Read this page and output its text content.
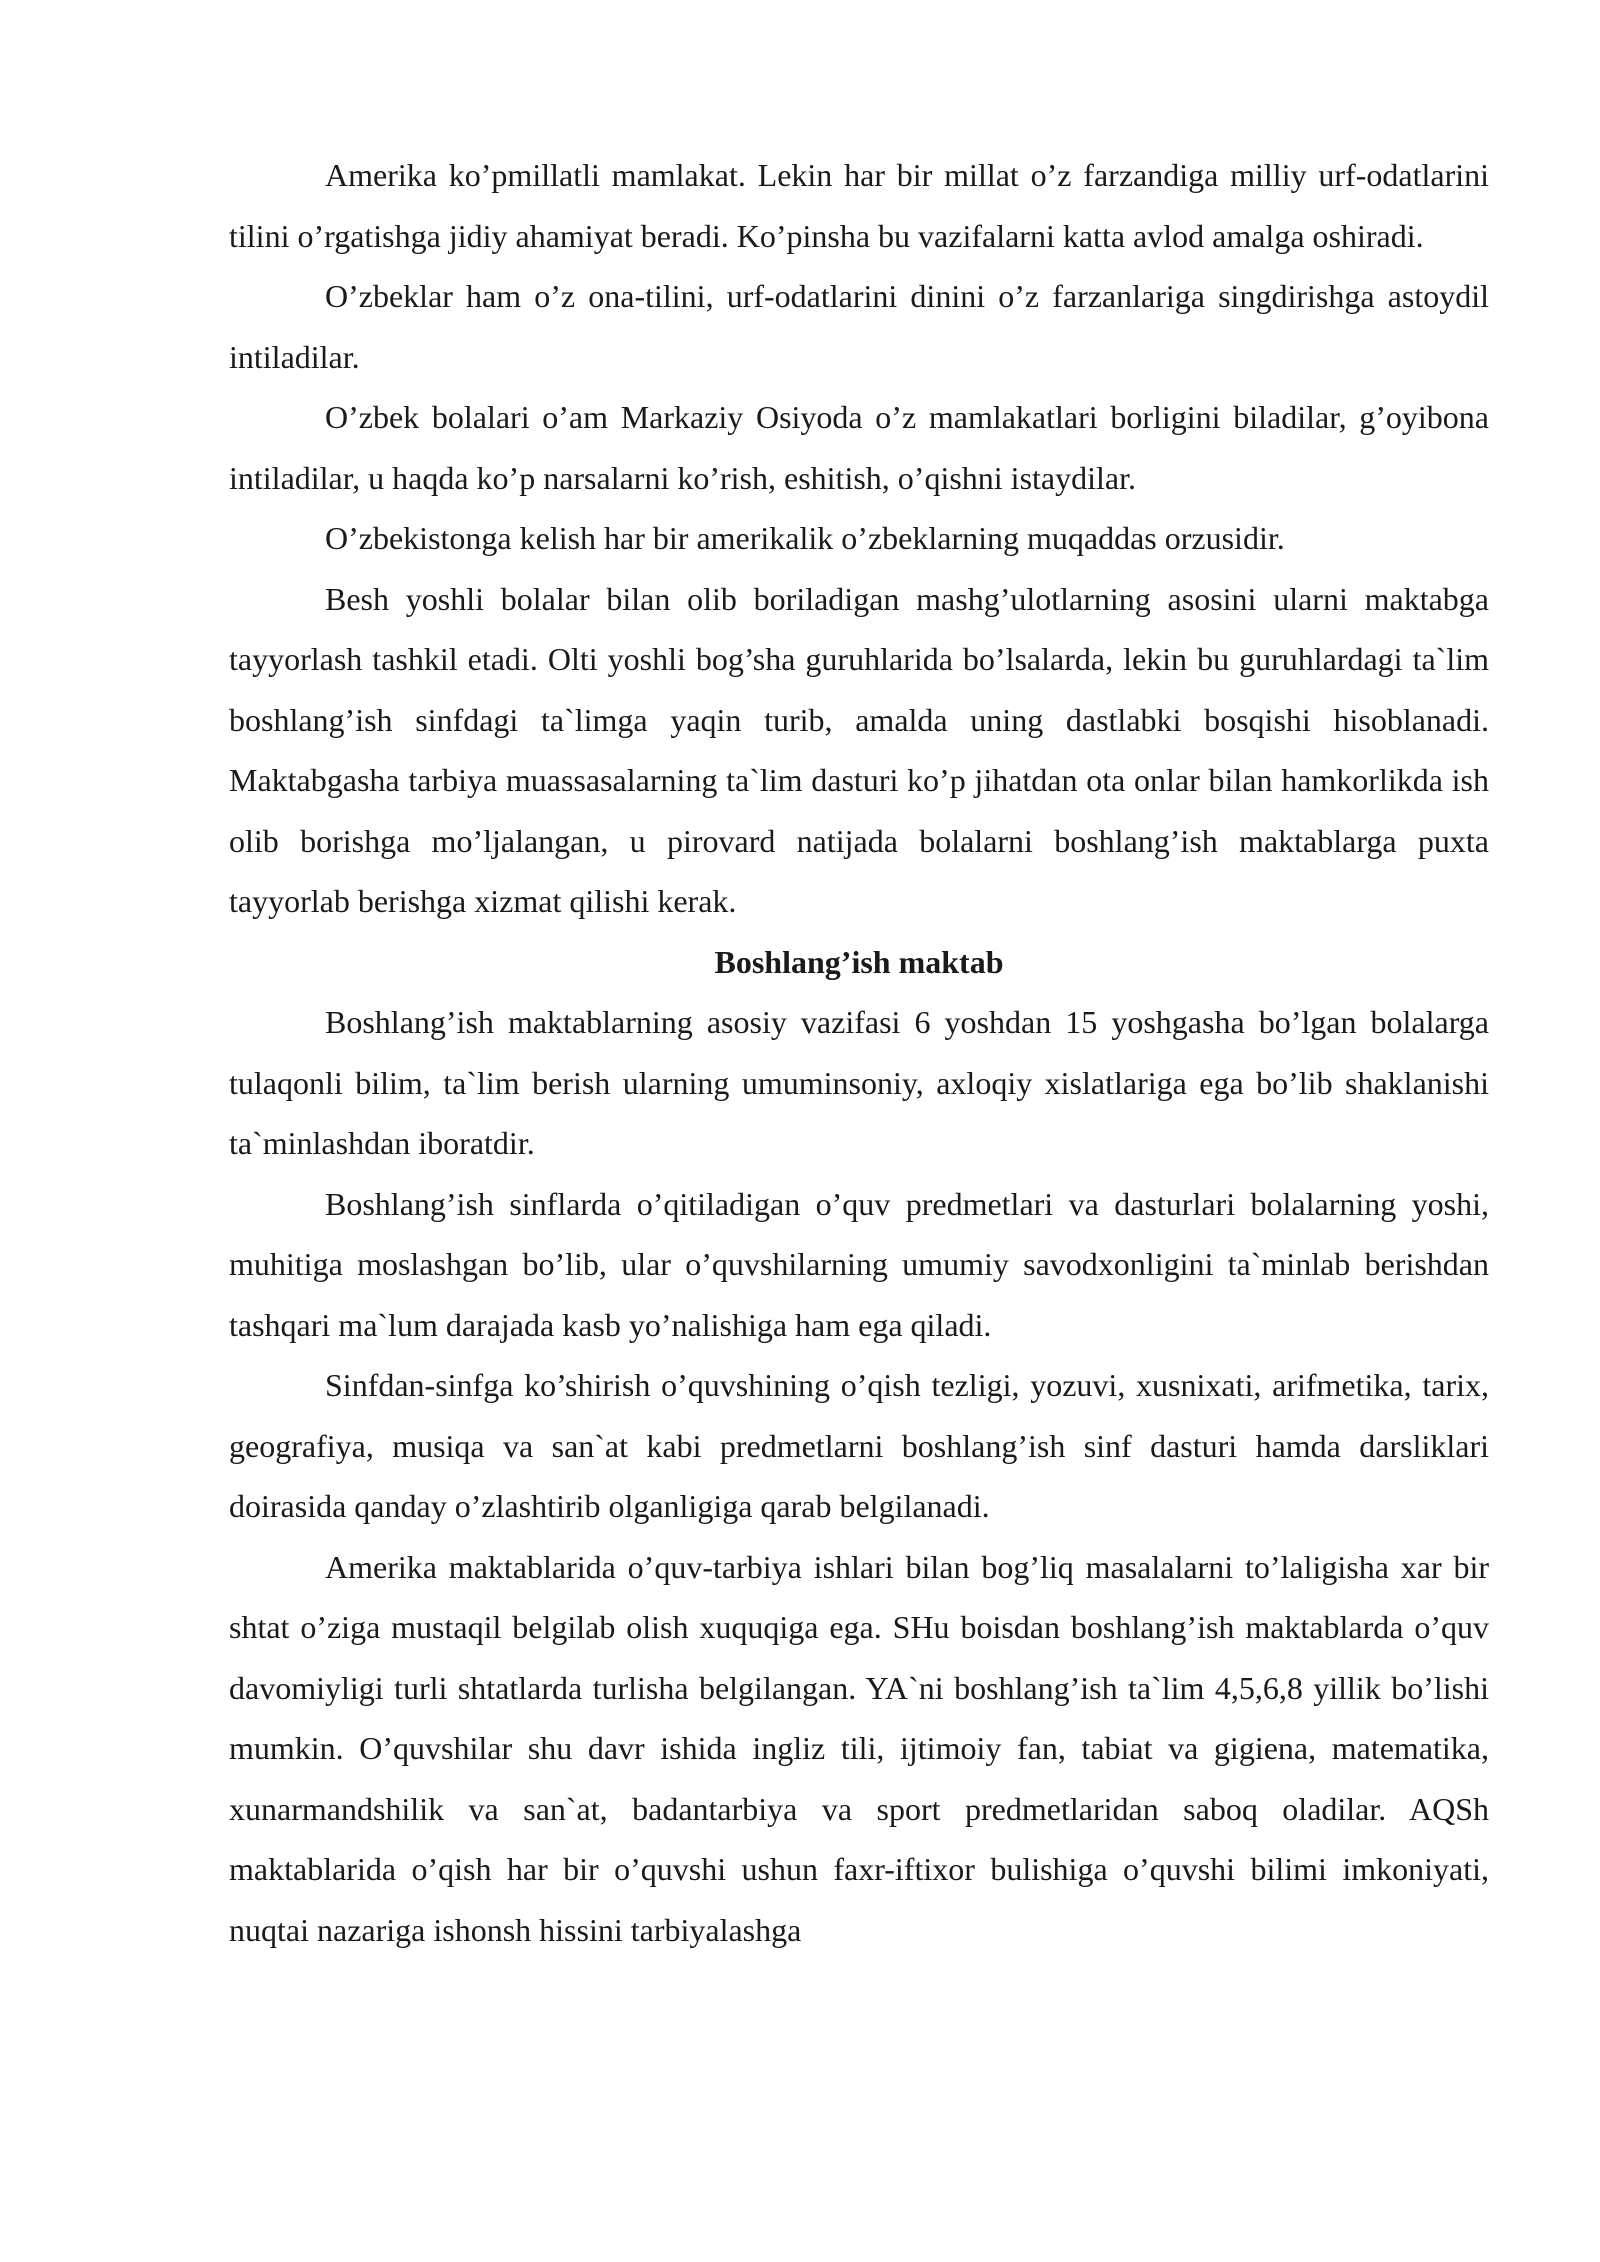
Amerika ko’pmillatli mamlakat. Lekin har bir millat o’z farzandiga milliy urf-odatlarini tilini o’rgatishga jidiy ahamiyat beradi. Ko’pinsha bu vazifalarni katta avlod amalga oshiradi.

O’zbeklar ham o’z ona-tilini, urf-odatlarini dinini o’z farzanlariga singdirishga astoydil intiladilar.

O’zbek bolalari o’am Markaziy Osiyoda o’z mamlakatlari borligini biladilar, g’oyibona intiladilar, u haqda ko’p narsalarni ko’rish, eshitish, o’qishni istaydilar.

O’zbekistonga kelish har bir amerikalik o’zbeklarning muqaddas orzusidir.

Besh yoshli bolalar bilan olib boriladigan mashg’ulotlarning asosini ularni maktabga tayyorlash tashkil etadi. Olti yoshli bog’sha guruhlarida bo’lsalarda, lekin bu guruhlardagi ta`lim boshlang’ish sinfdagi ta`limga yaqin turib, amalda uning dastlabki bosqishi hisoblanadi. Maktabgasha tarbiya muassasalarning ta`lim dasturi ko’p jihatdan ota onlar bilan hamkorlikda ish olib borishga mo’ljalangan, u pirovard natijada bolalarni boshlang’ish maktablarga puxta tayyorlab berishga xizmat qilishi kerak.

Boshlang’ish maktab

Boshlang’ish maktablarning asosiy vazifasi 6 yoshdan 15 yoshgasha bo’lgan bolalarga tulaqonli bilim, ta`lim berish ularning umuminsoniy, axloqiy xislatlariga ega bo’lib shaklanishi ta`minlashdan iboratdir.

Boshlang’ish sinflarda o’qitiladigan o’quv predmetlari va dasturlari bolalarning yoshi, muhitiga moslashgan bo’lib, ular o’quvshilarning umumiy savodxonligini ta`minlab berishdan tashqari ma`lum darajada kasb yo’nalishiga ham ega qiladi.

Sinfdan-sinfga ko’shirish o’quvshining o’qish tezligi, yozuvi, xusnixati, arifmetika, tarix, geografiya, musiqa va san`at kabi predmetlarni boshlang’ish sinf dasturi hamda darsliklari doirasida qanday o’zlashtirib olganligiga qarab belgilanadi.

Amerika maktablarida o’quv-tarbiya ishlari bilan bog’liq masalalarni to’laligisha xar bir shtat o’ziga mustaqil belgilab olish xuquqiga ega. SHu boisdan boshlang’ish maktablarda o’quv davomiyligi turli shtatlarda turlisha belgilangan. YA`ni boshlang’ish ta`lim 4,5,6,8 yillik bo’lishi mumkin. O’quvshilar shu davr ishida ingliz tili, ijtimoiy fan, tabiat va gigiena, matematika, xunarmandshilik va san`at, badantarbiya va sport predmetlaridan saboq oladilar. AQSh maktablarida o’qish har bir o’quvshi ushun faxr-iftixor bulishiga o’quvshi bilimi imkoniyati, nuqtai nazariga ishonsh hissini tarbiyalashga
